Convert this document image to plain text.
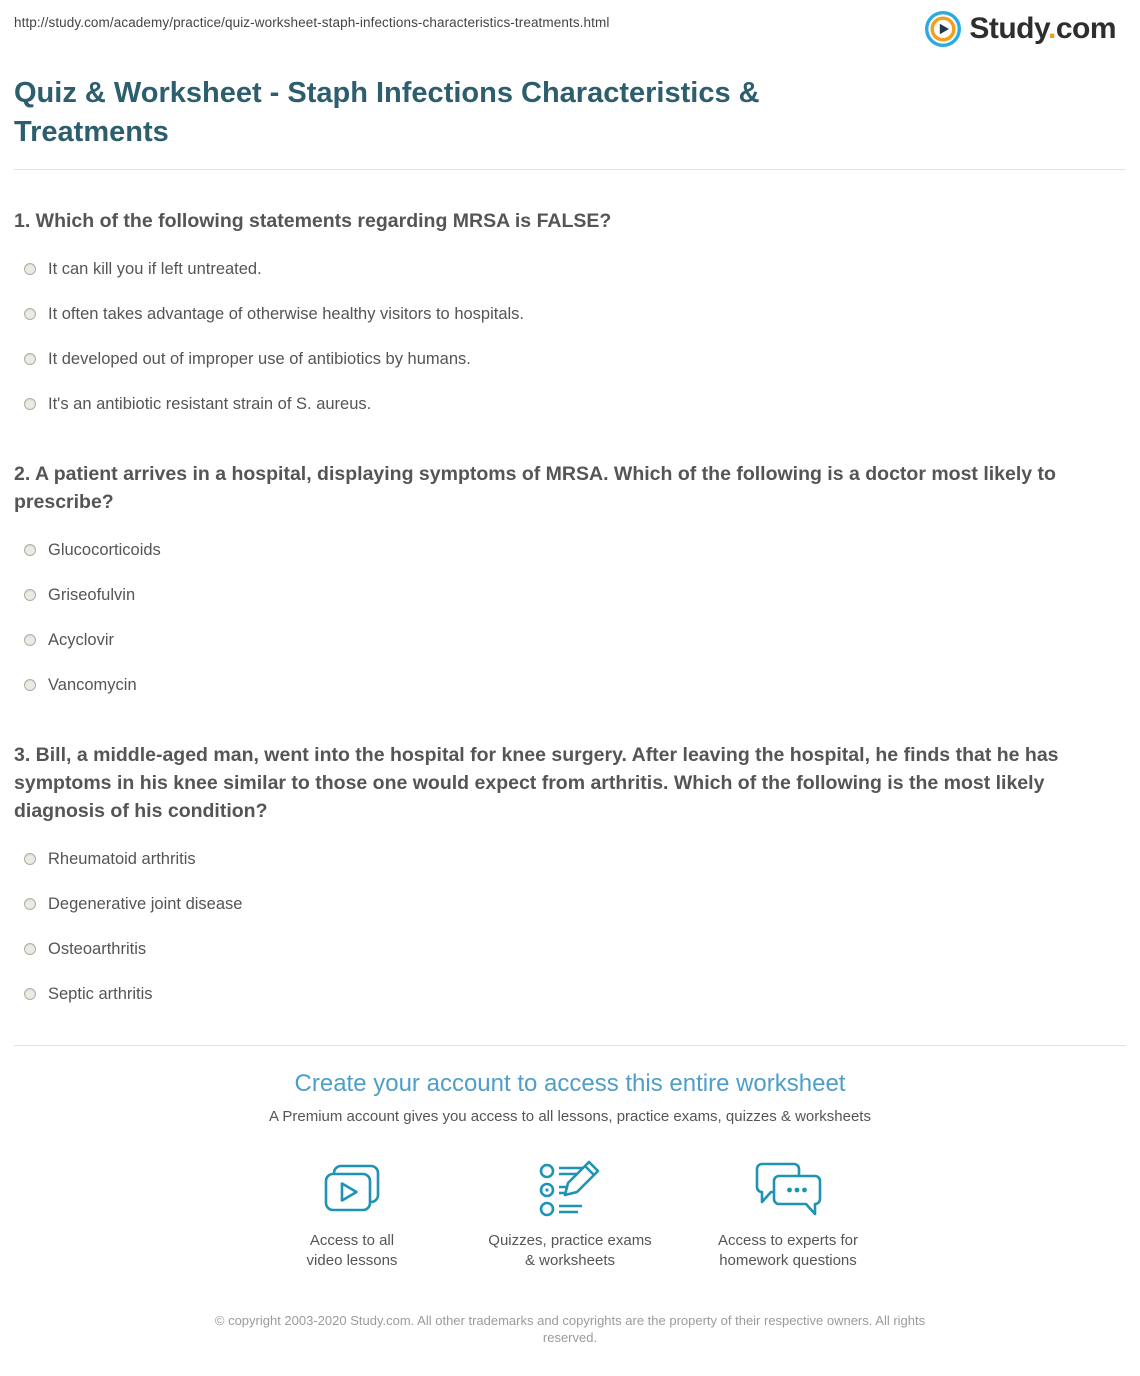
http://study.com/academy/practice/quiz-worksheet-staph-infections-characteristics-treatments.html	Study.com
Quiz & Worksheet - Staph Infections Characteristics & Treatments
1. Which of the following statements regarding MRSA is FALSE?
It can kill you if left untreated.
It often takes advantage of otherwise healthy visitors to hospitals.
It developed out of improper use of antibiotics by humans.
It's an antibiotic resistant strain of S. aureus.
2. A patient arrives in a hospital, displaying symptoms of MRSA. Which of the following is a doctor most likely to prescribe?
Glucocorticoids
Griseofulvin
Acyclovir
Vancomycin
3. Bill, a middle-aged man, went into the hospital for knee surgery. After leaving the hospital, he finds that he has symptoms in his knee similar to those one would expect from arthritis. Which of the following is the most likely diagnosis of his condition?
Rheumatoid arthritis
Degenerative joint disease
Osteoarthritis
Septic arthritis
Create your account to access this entire worksheet
A Premium account gives you access to all lessons, practice exams, quizzes & worksheets
Access to all
video lessons
Quizzes, practice exams
& worksheets
Access to experts for
homework questions
© copyright 2003-2020 Study.com. All other trademarks and copyrights are the property of their respective owners. All rights reserved.
